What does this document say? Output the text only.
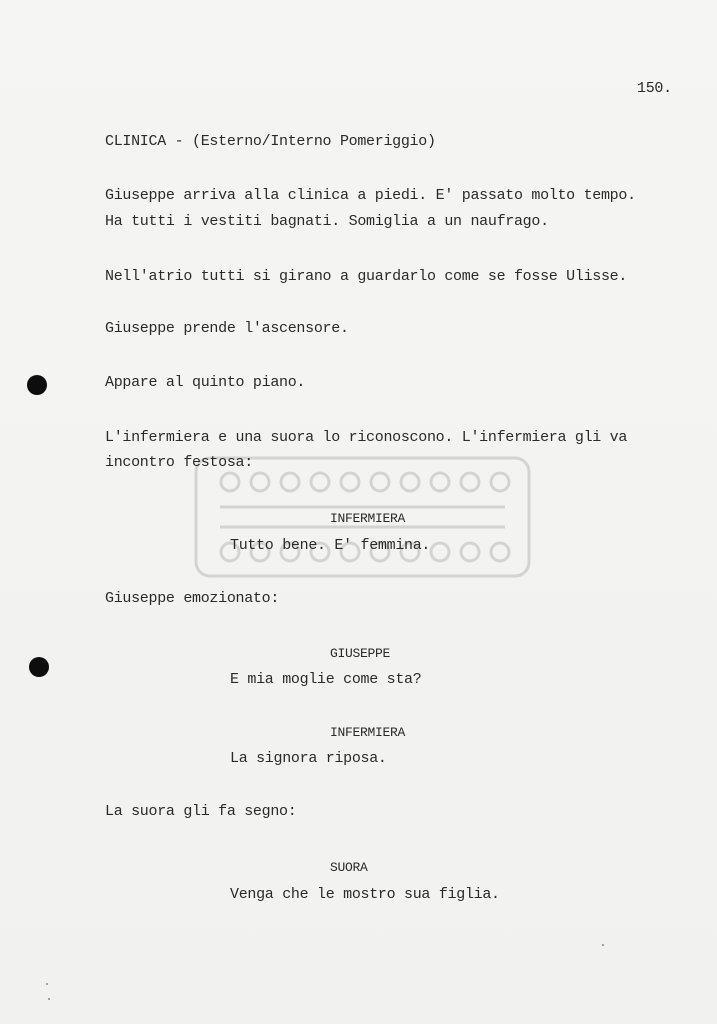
150.
CLINICA - (Esterno/Interno Pomeriggio)
Giuseppe arriva alla clinica a piedi. E' passato molto tempo.
Ha tutti i vestiti bagnati. Somiglia a un naufrago.
Nell'atrio tutti si girano a guardarlo come se fosse Ulisse.
Giuseppe prende l'ascensore.
Appare al quinto piano.
L'infermiera e una suora lo riconoscono. L'infermiera gli va
incontro festosa:
INFERMIERA
Tutto bene. E' femmina.
Giuseppe emozionato:
GIUSEPPE
E mia moglie come sta?
INFERMIERA
La signora riposa.
La suora gli fa segno:
SUORA
Venga che le mostro sua figlia.
